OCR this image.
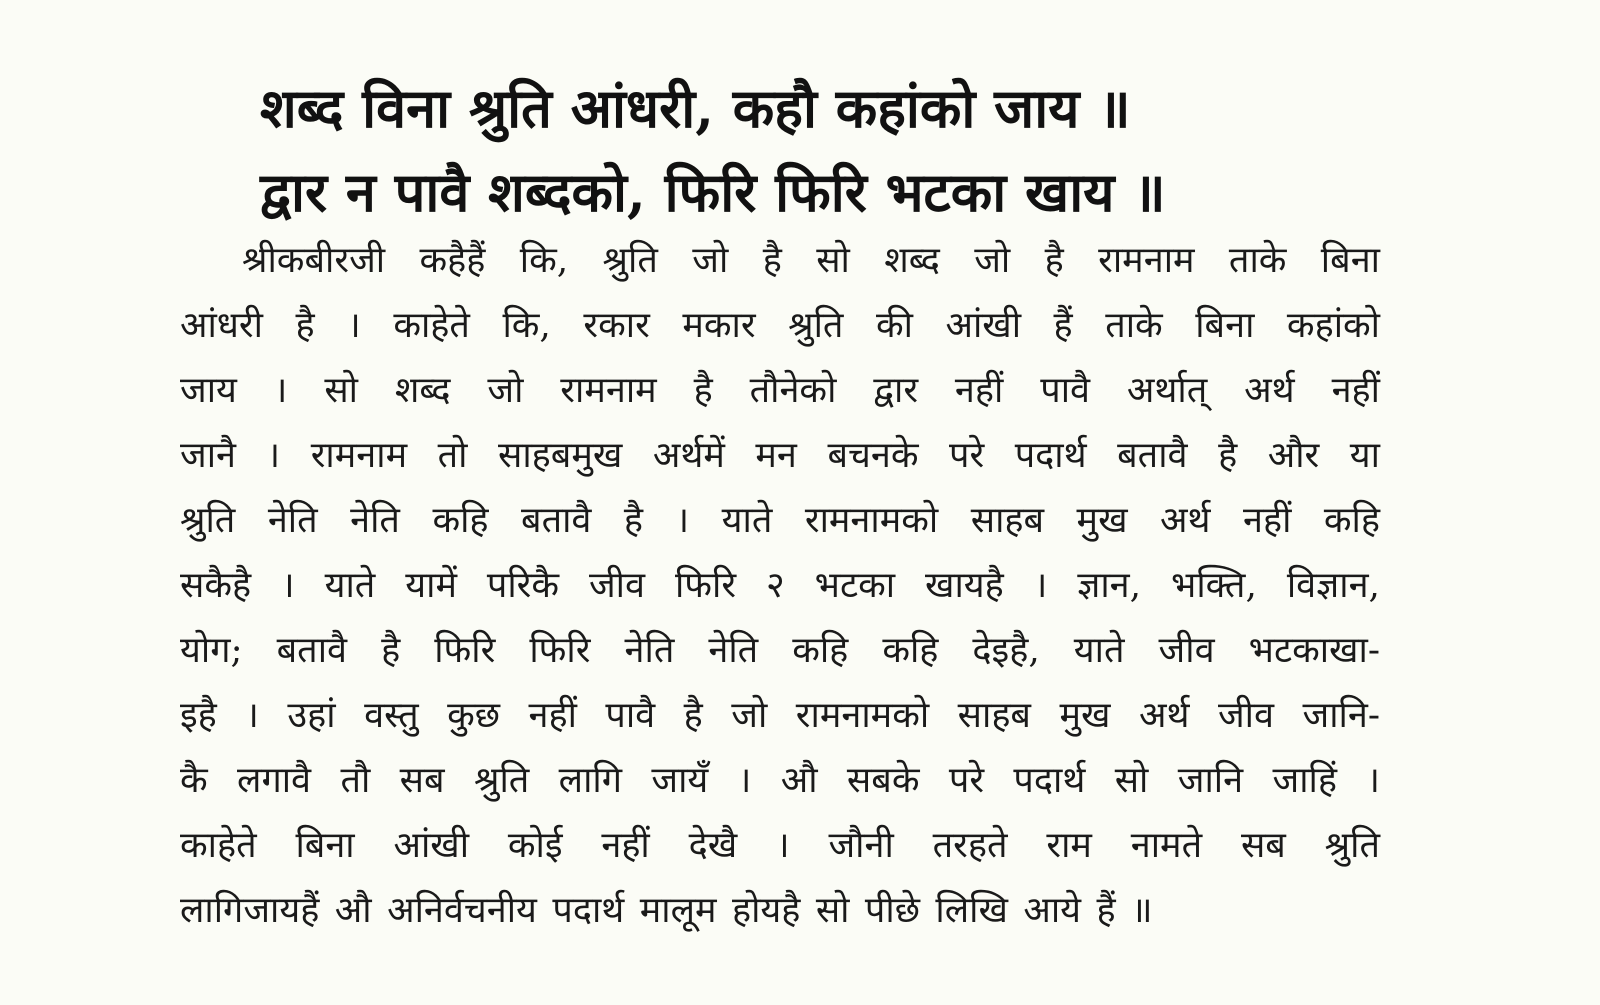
शब्द विना श्रुति आंधरी, कहौ कहांको जाय ॥
द्वार न पावै शब्दको, फिरि फिरि भटका खाय ॥
श्रीकबीरजी कहैहैं कि, श्रुति जो है सो शब्द जो है रामनाम ताके बिना
आंधरी है । काहेते कि, रकार मकार श्रुति की आंखी हैं ताके बिना कहांको
जाय । सो शब्द जो रामनाम है तौनेको द्वार नहीं पावै अर्थात् अर्थ नहीं
जानै । रामनाम तो साहबमुख अर्थमें मन बचनके परे पदार्थ बतावै है और या
श्रुति नेति नेति कहि बतावै है । याते रामनामको साहब मुख अर्थ नहीं कहि
सकैहै । याते यामें परिकै जीव फिरि २ भटका खायहै । ज्ञान, भक्ति, विज्ञान,
योग; बतावै है फिरि फिरि नेति नेति कहि कहि देइहै, याते जीव भटकाखा-
इहै । उहां वस्तु कुछ नहीं पावै है जो रामनामको साहब मुख अर्थ जीव जानि-
कै लगावै तौ सब श्रुति लागि जायँ । औ सबके परे पदार्थ सो जानि जाहिं ।
काहेते बिना आंखी कोई नहीं देखै । जौनी तरहते राम नामते सब श्रुति
लागिजायहैं औ अनिर्वचनीय पदार्थ मालूम होयहै सो पीछे लिखि आये हैं ॥
